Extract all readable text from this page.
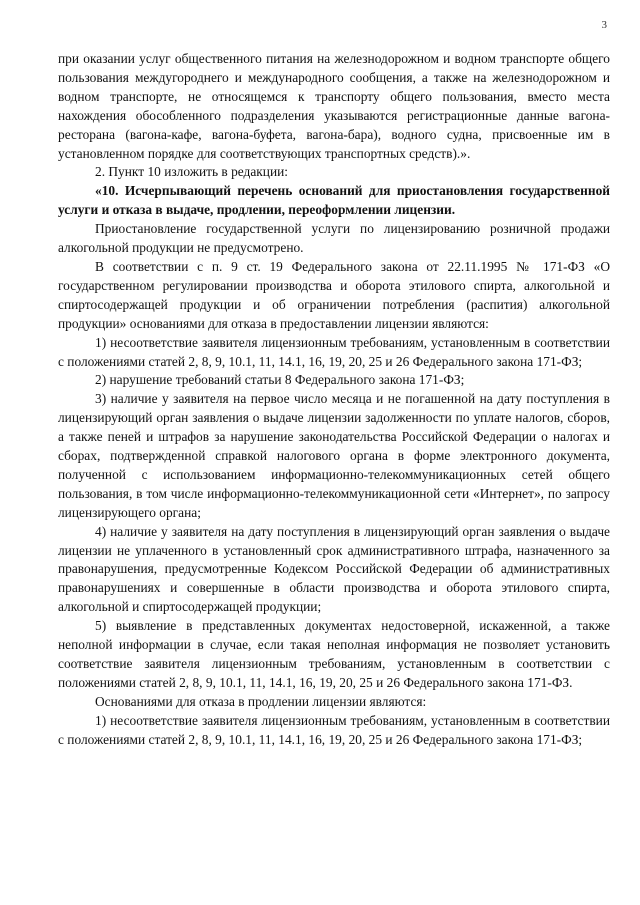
3

при оказании услуг общественного питания на железнодорожном и водном транспорте общего пользования междугороднего и международного сообщения, а также на железнодорожном и водном транспорте, не относящемся к транспорту общего пользования, вместо места нахождения обособленного подразделения указываются регистрационные данные вагона-ресторана (вагона-кафе, вагона-буфета, вагона-бара), водного судна, присвоенные им в установленном порядке для соответствующих транспортных средств).».

2. Пункт 10 изложить в редакции:

«10. Исчерпывающий перечень оснований для приостановления государственной услуги и отказа в выдаче, продлении, переоформлении лицензии.

Приостановление государственной услуги по лицензированию розничной продажи алкогольной продукции не предусмотрено.

В соответствии с п. 9 ст. 19 Федерального закона от 22.11.1995 № 171-ФЗ «О государственном регулировании производства и оборота этилового спирта, алкогольной и спиртосодержащей продукции и об ограничении потребления (распития) алкогольной продукции» основаниями для отказа в предоставлении лицензии являются:

1) несоответствие заявителя лицензионным требованиям, установленным в соответствии с положениями статей 2, 8, 9, 10.1, 11, 14.1, 16, 19, 20, 25 и 26 Федерального закона 171-ФЗ;

2) нарушение требований статьи 8 Федерального закона 171-ФЗ;

3) наличие у заявителя на первое число месяца и не погашенной на дату поступления в лицензирующий орган заявления о выдаче лицензии задолженности по уплате налогов, сборов, а также пеней и штрафов за нарушение законодательства Российской Федерации о налогах и сборах, подтвержденной справкой налогового органа в форме электронного документа, полученной с использованием информационно-телекоммуникационных сетей общего пользования, в том числе информационно-телекоммуникационной сети «Интернет», по запросу лицензирующего органа;

4) наличие у заявителя на дату поступления в лицензирующий орган заявления о выдаче лицензии не уплаченного в установленный срок административного штрафа, назначенного за правонарушения, предусмотренные Кодексом Российской Федерации об административных правонарушениях и совершенные в области производства и оборота этилового спирта, алкогольной и спиртосодержащей продукции;

5) выявление в представленных документах недостоверной, искаженной, а также неполной информации в случае, если такая неполная информация не позволяет установить соответствие заявителя лицензионным требованиям, установленным в соответствии с положениями статей 2, 8, 9, 10.1, 11, 14.1, 16, 19, 20, 25 и 26 Федерального закона 171-ФЗ.

Основаниями для отказа в продлении лицензии являются:

1) несоответствие заявителя лицензионным требованиям, установленным в соответствии с положениями статей 2, 8, 9, 10.1, 11, 14.1, 16, 19, 20, 25 и 26 Федерального закона 171-ФЗ;
